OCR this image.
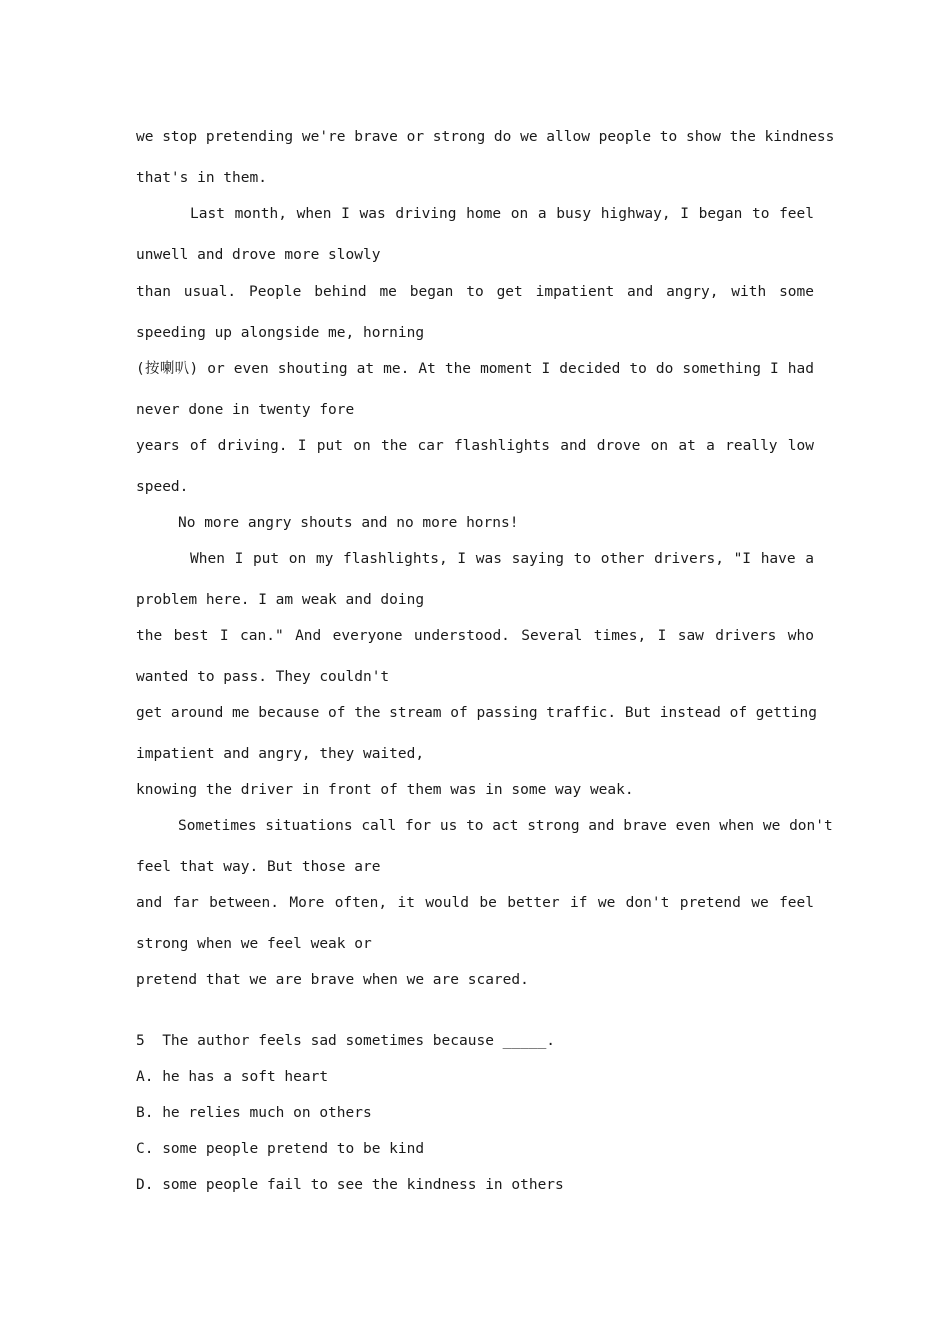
we stop pretending we're brave or strong do we allow people to show the kindness
that's in them.
Last month, when I was driving home on a busy highway, I began to feel
unwell and drove more slowly
than usual. People behind me began to get impatient and angry, with some
speeding up alongside me, horning
(按喇叭) or even shouting at me. At the moment I decided to do something I had
never done in twenty fore
years of driving. I put on the car flashlights and drove on at a really low
speed.
No more angry shouts and no more horns!
When I put on my flashlights, I was saying to other drivers, "I have a
problem here. I am weak and doing
the best I can." And everyone understood. Several times, I saw drivers who
wanted to pass. They couldn't
get around me because of the stream of passing traffic. But instead of getting
impatient and angry, they waited,
knowing the driver in front of them was in some way weak.
Sometimes situations call for us to act strong and brave even when we don't
feel that way. But those are
and far between. More often, it would be better if we don't pretend we feel
strong when we feel weak or
pretend that we are brave when we are scared.
5  The author feels sad sometimes because _____.
A. he has a soft heart
B. he relies much on others
C. some people pretend to be kind
D. some people fail to see the kindness in others
